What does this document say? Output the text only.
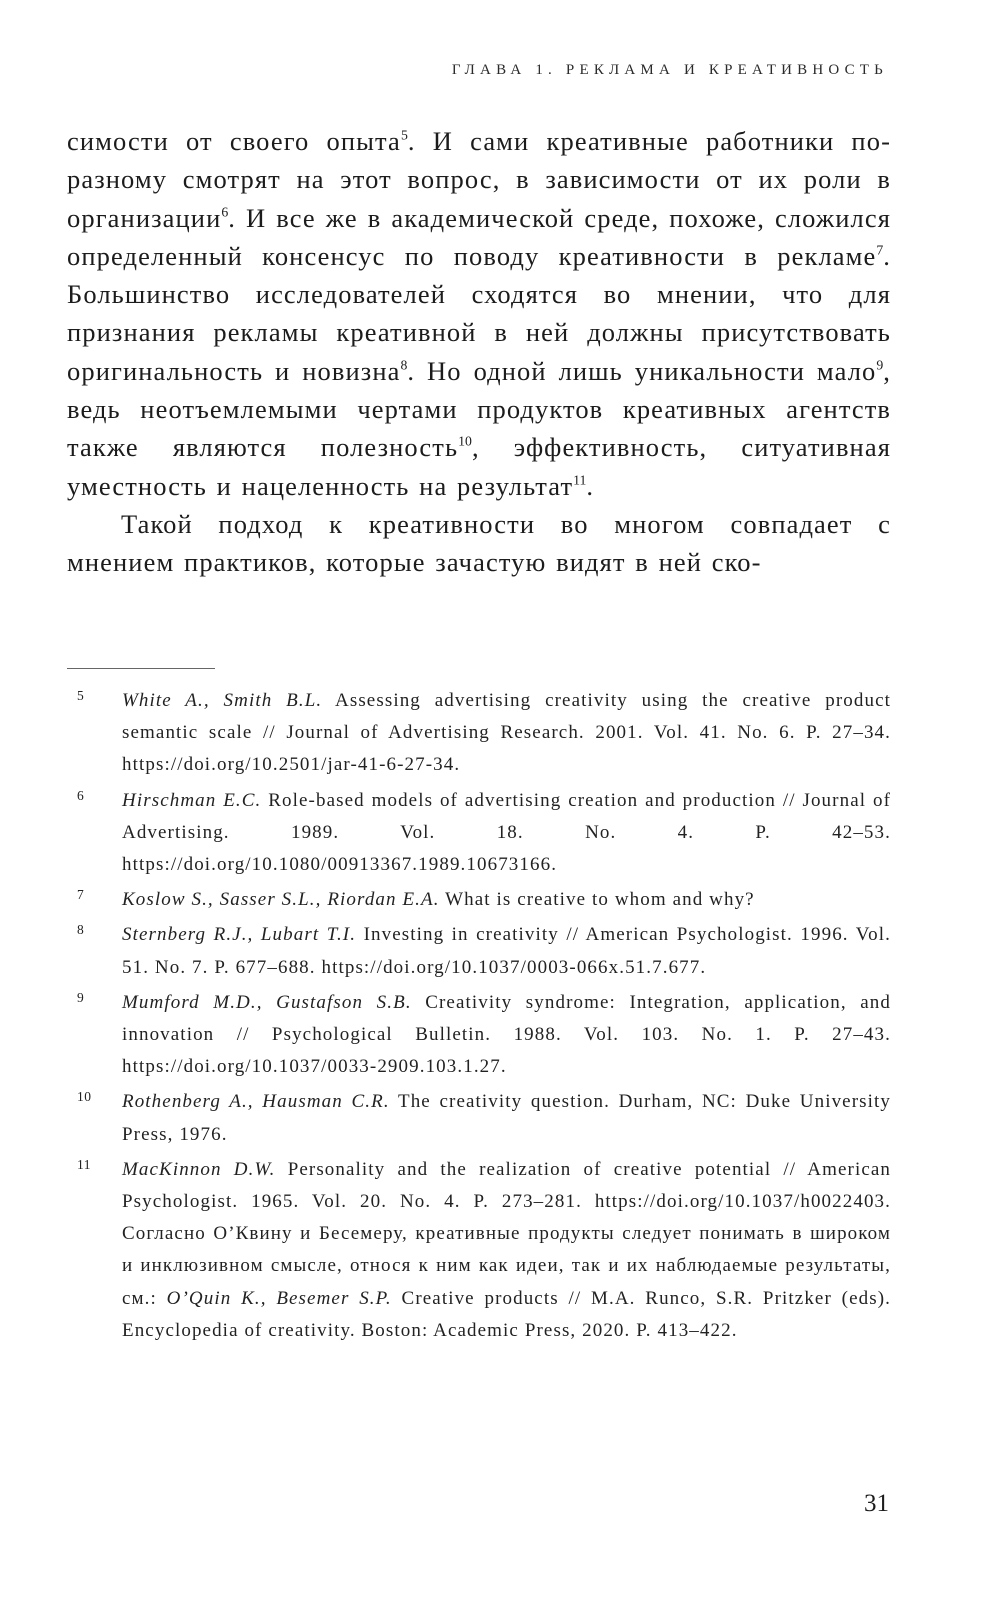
ГЛАВА 1. РЕКЛАМА И КРЕАТИВНОСТЬ

симости от своего опыта$^5$. И сами креативные работники по-разному смотрят на этот вопрос, в зависимости от их роли в организации$^6$. И все же в академической среде, похоже, сложился определенный консенсус по поводу креативности в рекламе$^7$. Большинство исследователей сходятся во мнении, что для признания рекламы креативной в ней должны присутствовать оригинальность и новизна$^8$. Но одной лишь уникальности мало$^9$, ведь неотъемлемыми чертами продуктов креативных агентств также являются полезность$^{10}$, эффективность, ситуативная уместность и нацеленность на результат$^{11}$.

Такой подход к креативности во многом совпадает с мнением практиков, которые зачастую видят в ней ско-

5	White A., Smith B.L. Assessing advertising creativity using the creative product semantic scale // Journal of Advertising Research. 2001. Vol. 41. No. 6. P. 27–34. https://doi.org/10.2501/jar-41-6-27-34.
6	Hirschman E.C. Role-based models of advertising creation and production // Journal of Advertising. 1989. Vol. 18. No. 4. P. 42–53. https://doi.org/10.1080/00913367.1989.10673166.
7	Koslow S., Sasser S.L., Riordan E.A. What is creative to whom and why?
8	Sternberg R.J., Lubart T.I. Investing in creativity // American Psychologist. 1996. Vol. 51. No. 7. P. 677–688. https://doi.org/10.1037/0003-066x.51.7.677.
9	Mumford M.D., Gustafson S.B. Creativity syndrome: Integration, application, and innovation // Psychological Bulletin. 1988. Vol. 103. No. 1. P. 27–43. https://doi.org/10.1037/0033-2909.103.1.27.
10	Rothenberg A., Hausman C.R. The creativity question. Durham, NC: Duke University Press, 1976.
11	MacKinnon D.W. Personality and the realization of creative potential // American Psychologist. 1965. Vol. 20. No. 4. P. 273–281. https://doi.org/10.1037/h0022403. Согласно О’Квину и Бесемеру, креативные продукты следует понимать в широком и инклюзивном смысле, относя к ним как идеи, так и их наблюдаемые результаты, см.: O’Quin K., Besemer S.P. Creative products // M.A. Runco, S.R. Pritzker (eds). Encyclopedia of creativity. Boston: Academic Press, 2020. P. 413–422.
31
